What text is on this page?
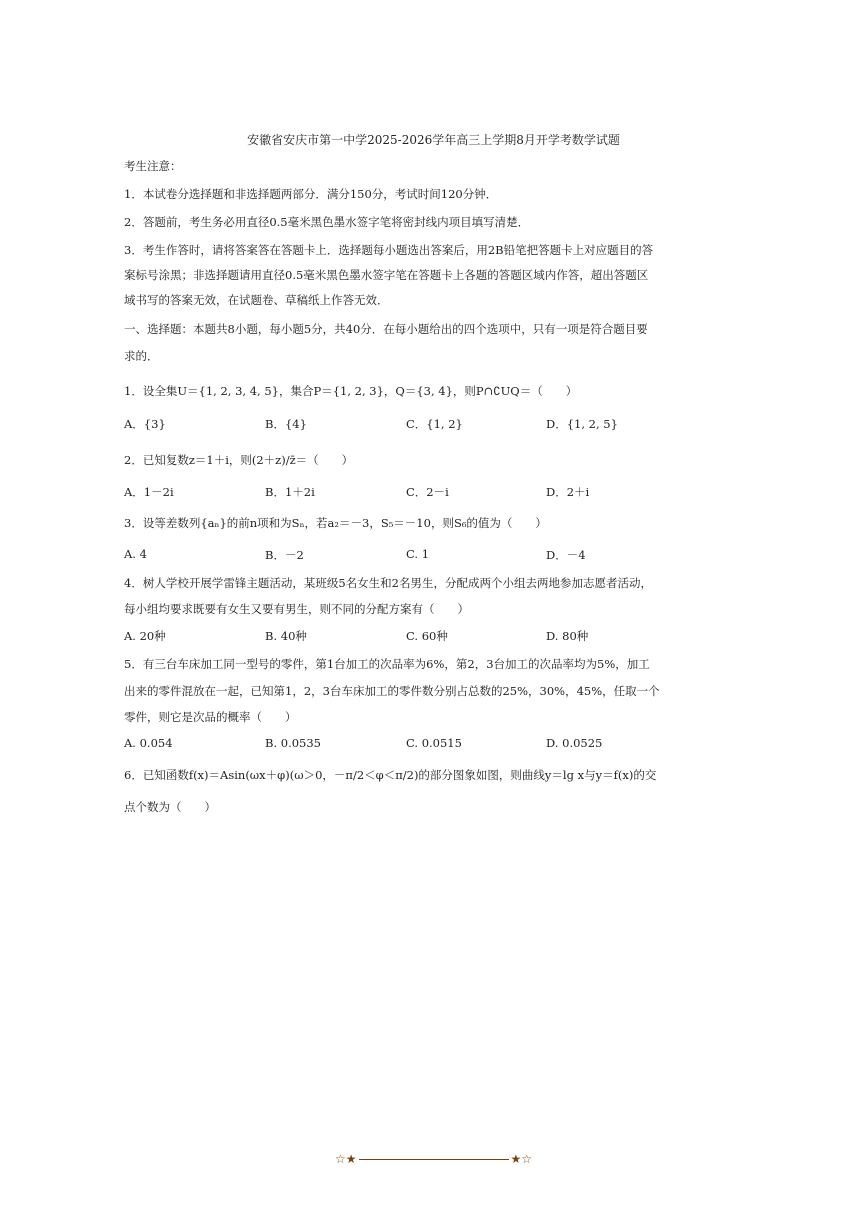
安徽省安庆市第一中学2025-2026学年高三上学期8月开学考数学试题
考生注意：
1．本试卷分选择题和非选择题两部分．满分150分，考试时间120分钟．
2．答题前，考生务必用直径0.5毫米黑色墨水签字笔将密封线内项目填写清楚．
3．考生作答时，请将答案答在答题卡上．选择题每小题选出答案后，用2B铅笔把答题卡上对应题目的答
案标号涂黑；非选择题请用直径0.5毫米黑色墨水签字笔在答题卡上各题的答题区域内作答，超出答题区
域书写的答案无效，在试题卷、草稿纸上作答无效．
一、选择题：本题共8小题，每小题5分，共40分．在每小题给出的四个选项中，只有一项是符合题目要
求的．
1．设全集U＝{1, 2, 3, 4, 5}，集合P＝{1, 2, 3}，Q＝{3, 4}，则P∩∁UQ＝（　　）
A．{3}	B．{4}	C．{1, 2}	D．{1, 2, 5}
2．已知复数z＝1＋i，则(2＋z)/z̄＝（　　）
A．1－2i	B．1＋2i	C．2－i	D．2＋i
3．设等差数列{aₙ}的前n项和为Sₙ，若a₂＝－3，S₅＝－10，则S₆的值为（　　）
A. 4	B．－2	C. 1	D．－4
4．树人学校开展学雷锋主题活动，某班级5名女生和2名男生，分配成两个小组去两地参加志愿者活动，
每小组均要求既要有女生又要有男生，则不同的分配方案有（　　）
A. 20种	B. 40种	C. 60种	D. 80种
5．有三台车床加工同一型号的零件，第1台加工的次品率为6%，第2，3台加工的次品率均为5%，加工
出来的零件混放在一起，已知第1，2，3台车床加工的零件数分别占总数的25%，30%，45%，任取一个
零件，则它是次品的概率（　　）
A. 0.054	B. 0.0535	C. 0.0515	D. 0.0525
6．已知函数f(x)＝Asin(ωx＋φ)(ω＞0，－π/2＜φ＜π/2)的部分图象如图，则曲线y＝lg x与y＝f(x)的交
点个数为（　　）
☆★	★☆
